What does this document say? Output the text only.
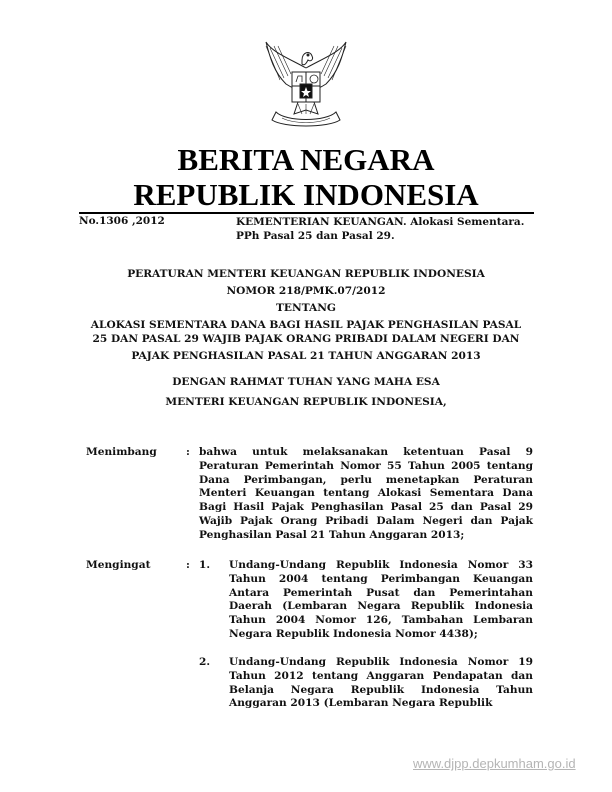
BERITA NEGARA
REPUBLIK INDONESIA
No.1306 ,2012	KEMENTERIAN KEUANGAN. Alokasi Sementara.
PPh Pasal 25 dan Pasal 29.
PERATURAN MENTERI KEUANGAN REPUBLIK INDONESIA
NOMOR 218/PMK.07/2012
TENTANG
ALOKASI SEMENTARA DANA BAGI HASIL PAJAK PENGHASILAN PASAL
25 DAN PASAL 29 WAJIB PAJAK ORANG PRIBADI DALAM NEGERI DAN
PAJAK PENGHASILAN PASAL 21 TAHUN ANGGARAN 2013
DENGAN RAHMAT TUHAN YANG MAHA ESA
MENTERI KEUANGAN REPUBLIK INDONESIA,
Menimbang	: bahwa untuk melaksanakan ketentuan Pasal 9 Peraturan Pemerintah Nomor 55 Tahun 2005 tentang Dana Perimbangan, perlu menetapkan Peraturan Menteri Keuangan tentang Alokasi Sementara Dana Bagi Hasil Pajak Penghasilan Pasal 25 dan Pasal 29 Wajib Pajak Orang Pribadi Dalam Negeri dan Pajak Penghasilan Pasal 21 Tahun Anggaran 2013;
Mengingat	: 1. Undang-Undang Republik Indonesia Nomor 33 Tahun 2004 tentang Perimbangan Keuangan Antara Pemerintah Pusat dan Pemerintahan Daerah (Lembaran Negara Republik Indonesia Tahun 2004 Nomor 126, Tambahan Lembaran Negara Republik Indonesia Nomor 4438);
2. Undang-Undang Republik Indonesia Nomor 19 Tahun 2012 tentang Anggaran Pendapatan dan Belanja Negara Republik Indonesia Tahun Anggaran 2013 (Lembaran Negara Republik
www.djpp.depkumham.go.id
